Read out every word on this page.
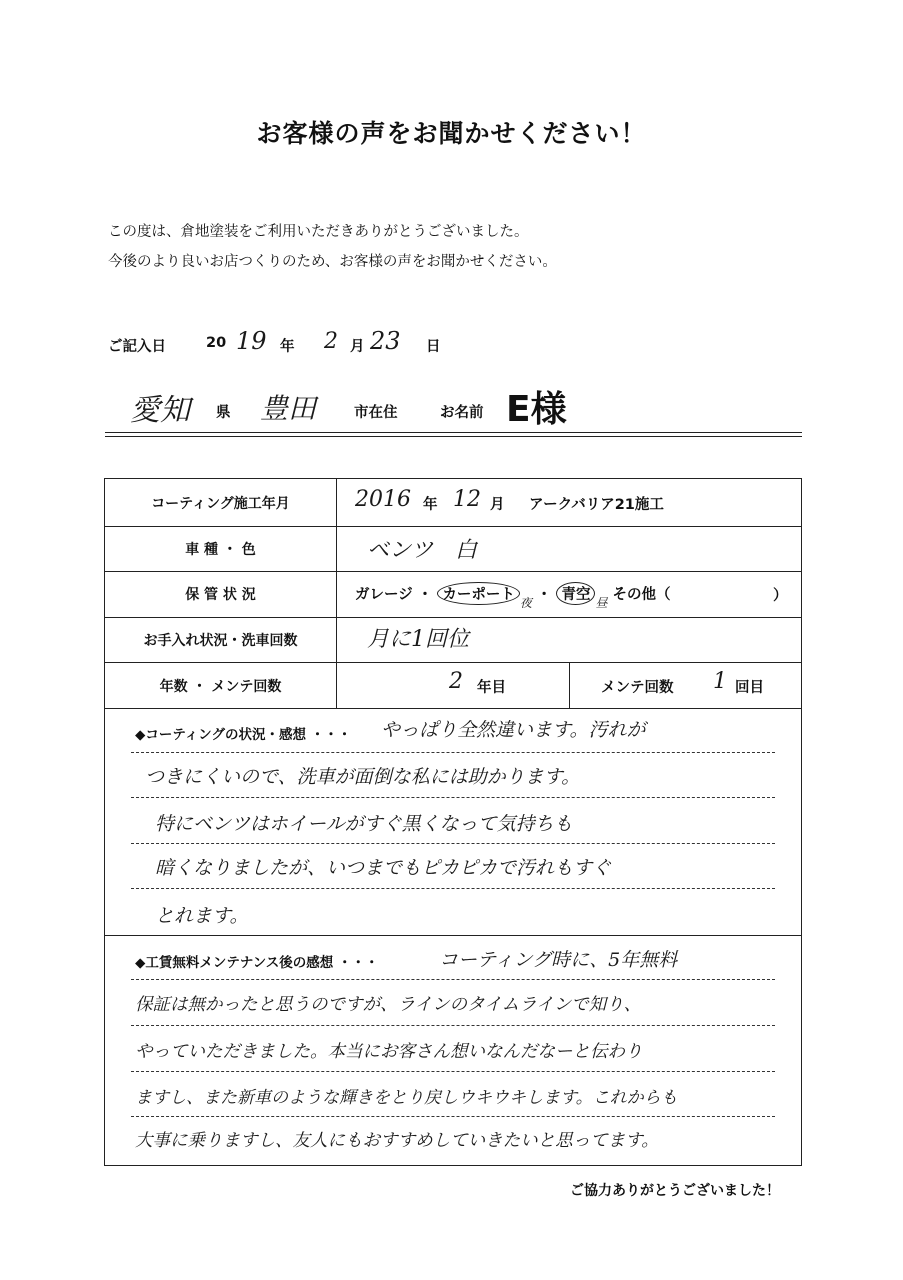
お客様の声をお聞かせください！
この度は、倉地塗装をご利用いただきありがとうございました。
今後のより良いお店つくりのため、お客様の声をお聞かせください。
ご記入日	20 19 年 2 月 23 日
愛知 県 豊田	市在住	お名前 E様
コーティング施工年月	2016 年 12 月 アークバリア21施工
車 種 ・ 色	ベンツ　白
保 管 状 況	ガレージ ・ カーポート $_夜$ ・ 青空 $_昼$ その他（	）
お手入れ状況・洗車回数	月に1回位
年数 ・ メンテ回数	2 年目	メンテ回数 1 回目
◆コーティングの状況・感想 ・・・ やっぱり全然違います。汚れが
つきにくいので、洗車が面倒な私には助かります。
特にベンツはホイールがすぐ黒くなって気持ちも
暗くなりましたが、いつまでもピカピカで汚れもすぐ
とれます。
◆工賃無料メンテナンス後の感想 ・・・	コーティング時に、5年無料
保証は無かったと思うのですが、ラインのタイムラインで知り、
やっていただきました。本当にお客さん想いなんだなーと伝わり
ますし、また新車のような輝きをとり戻しウキウキします。これからも
大事に乗りますし、友人にもおすすめしていきたいと思ってます。
ご協力ありがとうございました！
